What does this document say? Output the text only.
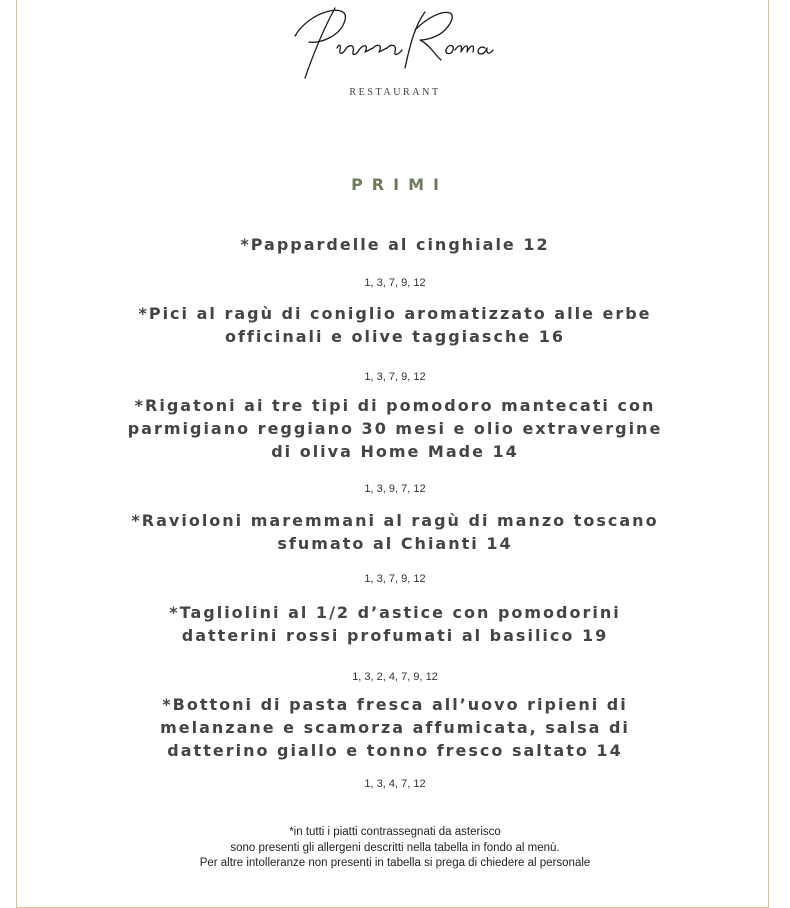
RESTAURANT
PRIMI
*Pappardelle al cinghiale 12
1, 3, 7, 9, 12
*Pici al ragù di coniglio aromatizzato alle erbe
officinali e olive taggiasche 16
1, 3, 7, 9, 12
*Rigatoni ai tre tipi di pomodoro mantecati con
parmigiano reggiano 30 mesi e olio extravergine
di oliva Home Made 14
1, 3, 9, 7, 12
*Ravioloni maremmani al ragù di manzo toscano
sfumato al Chianti 14
1, 3, 7, 9, 12
*Tagliolini al 1/2 d’astice con pomodorini
datterini rossi profumati al basilico 19
1, 3, 2, 4, 7, 9, 12
*Bottoni di pasta fresca all’uovo ripieni di
melanzane e scamorza affumicata, salsa di
datterino giallo e tonno fresco saltato 14
1, 3, 4, 7, 12
*in tutti i piatti contrassegnati da asterisco
sono presenti gli allergeni descritti nella tabella in fondo al menù.
Per altre intolleranze non presenti in tabella si prega di chiedere al personale
